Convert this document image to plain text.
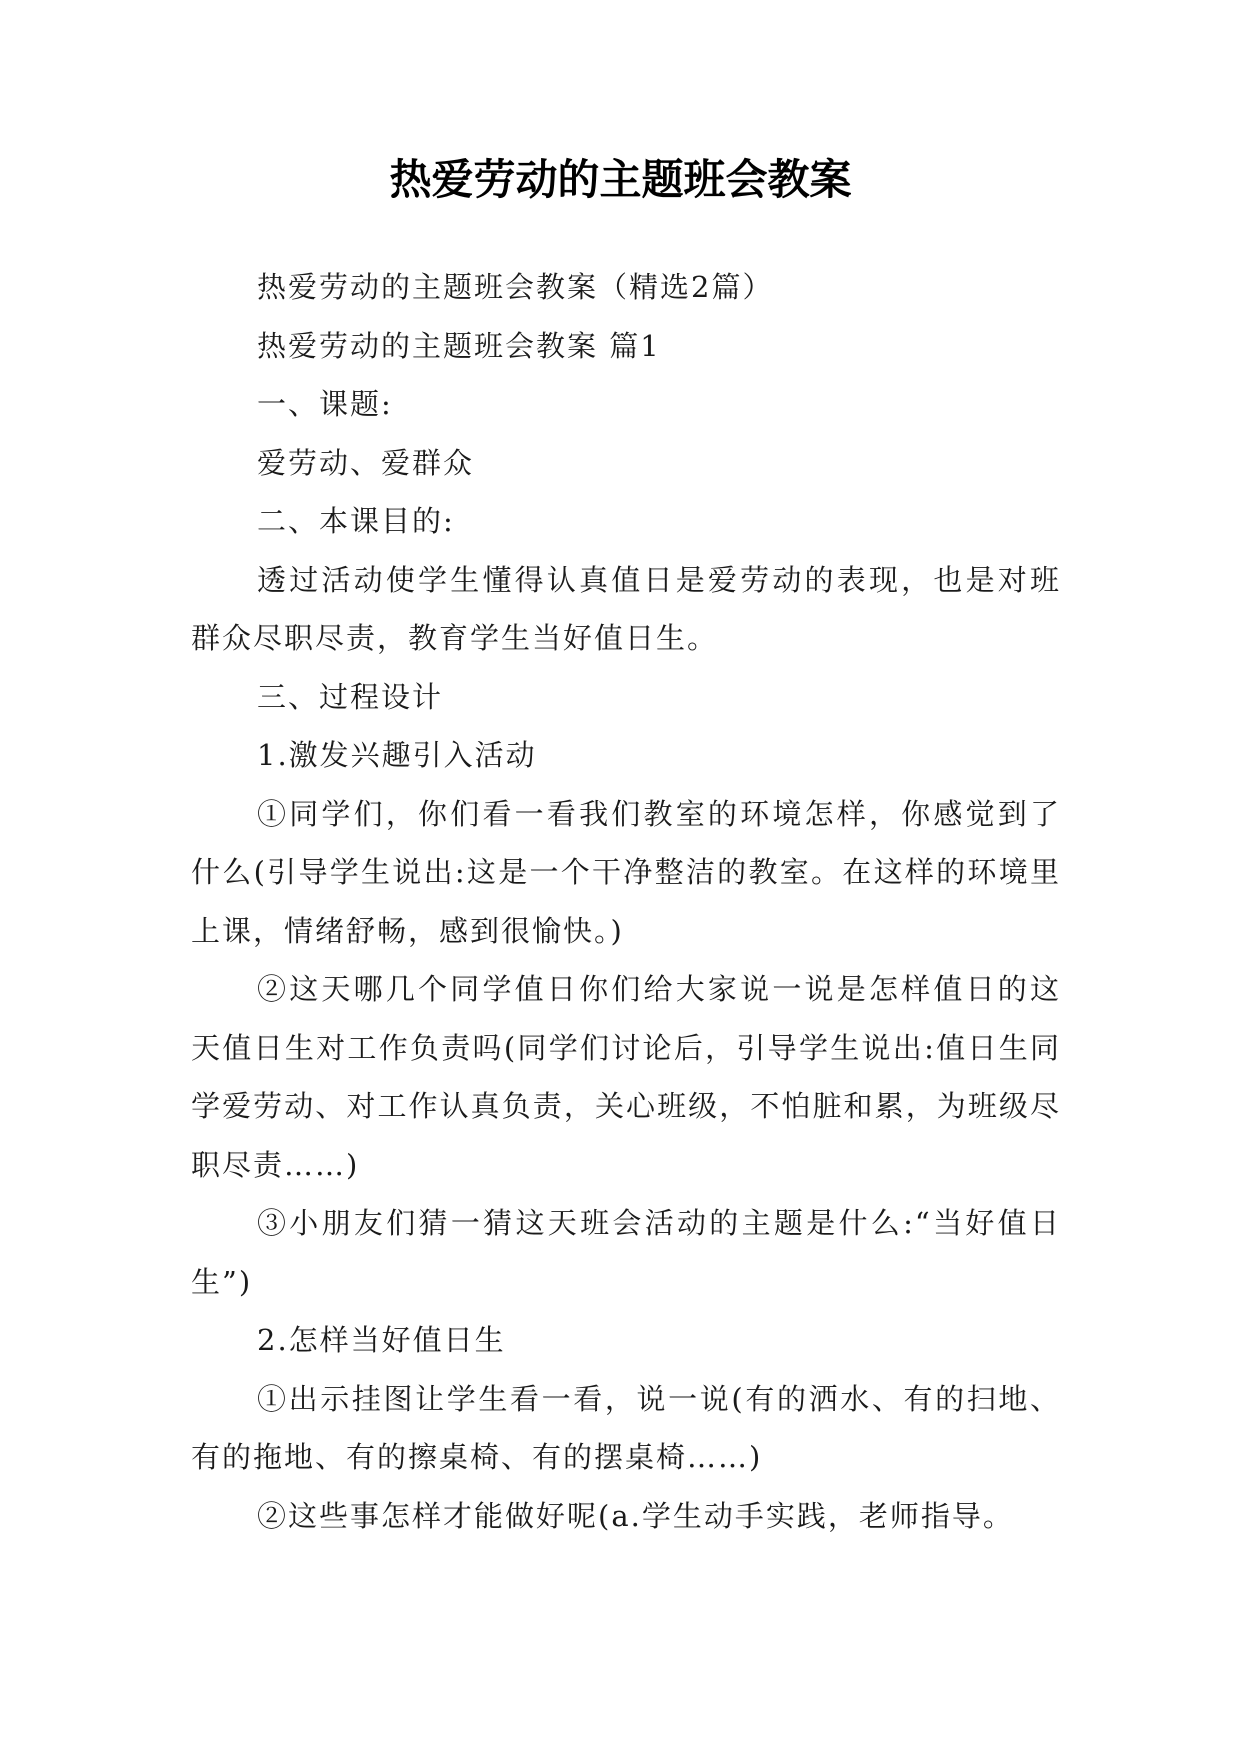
热爱劳动的主题班会教案

热爱劳动的主题班会教案（精选2篇）

热爱劳动的主题班会教案 篇1

一、课题:

爱劳动、爱群众

二、本课目的:

透过活动使学生懂得认真值日是爱劳动的表现，也是对班群众尽职尽责，教育学生当好值日生。

三、过程设计

1.激发兴趣引入活动

①同学们，你们看一看我们教室的环境怎样，你感觉到了什么(引导学生说出:这是一个干净整洁的教室。在这样的环境里上课，情绪舒畅，感到很愉快。)

②这天哪几个同学值日你们给大家说一说是怎样值日的这天值日生对工作负责吗(同学们讨论后，引导学生说出:值日生同学爱劳动、对工作认真负责，关心班级，不怕脏和累，为班级尽职尽责……)

③小朋友们猜一猜这天班会活动的主题是什么:“当好值日生”)

2.怎样当好值日生

①出示挂图让学生看一看，说一说(有的洒水、有的扫地、有的拖地、有的擦桌椅、有的摆桌椅……)

②这些事怎样才能做好呢(a.学生动手实践，老师指导。
